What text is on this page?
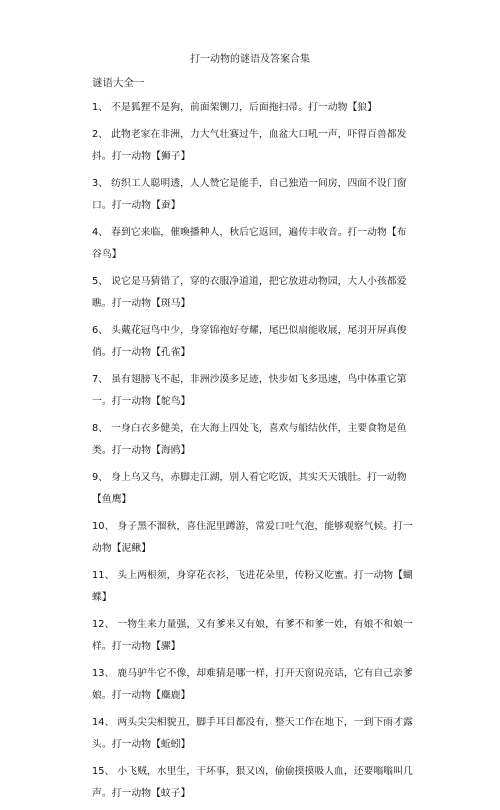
打一动物的谜语及答案合集
谜语大全一

1、 不是狐狸不是狗，前面架铡刀，后面拖扫帚。打一动物【狼】

2、 此物老家在非洲，力大气壮赛过牛，血盆大口吼一声，吓得百兽都发抖。打一动物【狮子】

3、 纺织工人聪明透，人人赞它是能手，自己独造一间房，四面不设门窗口。打一动物【蚕】

4、 春到它来临，催喚播种人，秋后它返回，遍传丰收音。打一动物【布谷鸟】

5、 说它是马猜错了，穿的衣服净道道，把它放进动物园，大人小孩都爱瞧。打一动物【斑马】

6、 头戴花冠鸟中少，身穿锦袍好夸耀，尾巴似扇能收展，尾羽开屏真俊俏。打一动物【孔雀】

7、 虽有翅膀飞不起，非洲沙漠多足迹，快步如飞多迅速，鸟中体重它第一。打一动物【鸵鸟】

8、 一身白衣多健美，在大海上四处飞，喜欢与船结伙伴，主要食物是鱼类。打一动物【海鸥】

9、 身上乌又乌，赤脚走江湖，别人看它吃饭，其实天天饿肚。打一动物【鱼鹰】

10、 身子黑不溜秋，喜住泥里蹲游，常爱口吐气泡，能够观察气候。打一动物【泥鳅】

11、 头上两根须，身穿花衣衫，飞进花朵里，传粉又吃蜜。打一动物【蝴蝶】

12、 一物生来力量强，又有爹来又有娘，有爹不和爹一姓，有娘不和娘一样。打一动物【骡】

13、 鹿马驴牛它不像，却难猜是哪一样，打开天窗说亮话，它有自己亲爹娘。打一动物【麋鹿】

14、 两头尖尖相貌丑，脚手耳目都没有，整天工作在地下，一到下雨才露头。打一动物【蚯蚓】

15、 小飞贼，水里生，干坏事，狠又凶，偷偷摸摸吸人血，还要嗡嗡叫几声。打一动物【蚊子】
